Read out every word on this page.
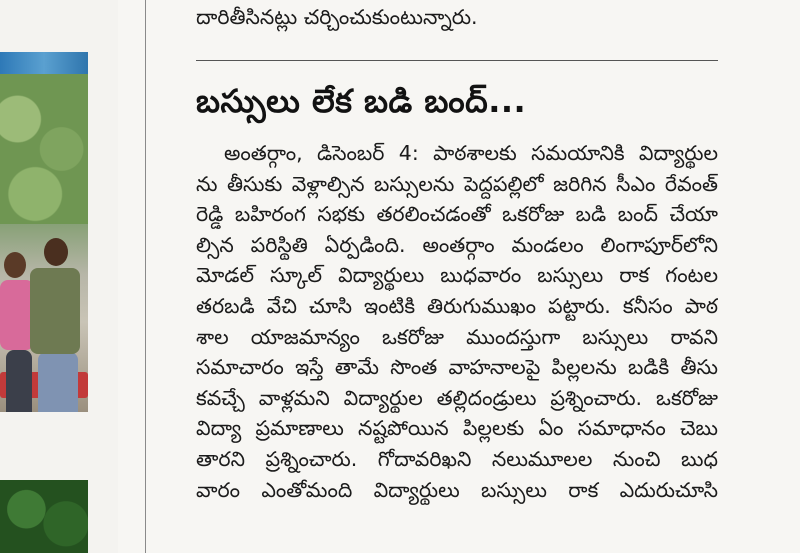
దారితీసినట్లు చర్చించుకుంటున్నారు.
బస్సులు లేక బడి బంద్...
అంతర్గాం, డిసెంబర్ 4: పాఠశాలకు సమయానికి విద్యార్థుల
ను తీసుకు వెళ్లాల్సిన బస్సులను పెద్దపల్లిలో జరిగిన సీఎం రేవంత్
రెడ్డి బహిరంగ సభకు తరలించడంతో ఒకరోజు బడి బంద్ చేయా
ల్సిన పరిస్థితి ఏర్పడింది. అంతర్గాం మండలం లింగాపూర్‌లోని
మోడల్ స్కూల్ విద్యార్థులు బుధవారం బస్సులు రాక గంటల
తరబడి వేచి చూసి ఇంటికి తిరుగుముఖం పట్టారు. కనీసం పాఠ
శాల యాజమాన్యం ఒకరోజు ముందస్తుగా బస్సులు రావని
సమాచారం ఇస్తే తామే సొంత వాహనాలపై పిల్లలను బడికి తీసు
కవచ్చే వాళ్లమని విద్యార్థుల తల్లిదండ్రులు ప్రశ్నించారు. ఒకరోజు
విద్యా ప్రమాణాలు నష్టపోయిన పిల్లలకు ఏం సమాధానం చెబు
తారని ప్రశ్నించారు. గోదావరిఖని నలుమూలల నుంచి బుధ
వారం ఎంతోమంది విద్యార్థులు బస్సులు రాక ఎదురుచూసి
